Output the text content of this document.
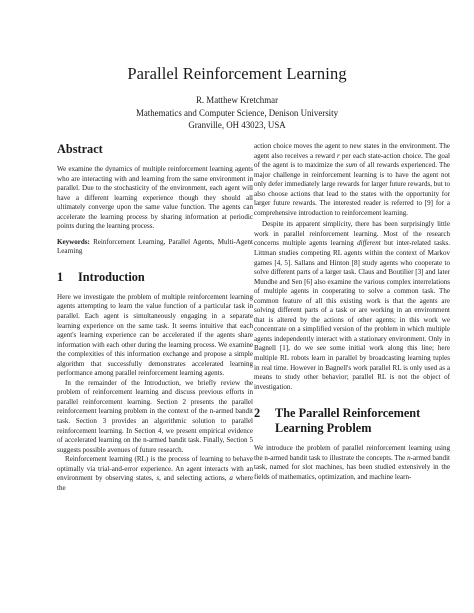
Parallel Reinforcement Learning
R. Matthew Kretchmar
Mathematics and Computer Science, Denison University
Granville, OH 43023, USA
Abstract

We examine the dynamics of multiple reinforcement learning agents who are interacting with and learning from the same environment in parallel. Due to the stochasticity of the environment, each agent will have a different learning experience though they should all ultimately converge upon the same value function. The agents can accelerate the learning process by sharing information at periodic points during the learning process.

Keywords: Reinforcement Learning, Parallel Agents, Multi-Agent Learning

1 Introduction

Here we investigate the problem of multiple reinforcement learning agents attempting to learn the value function of a particular task in parallel. Each agent is simultaneously engaging in a separate learning experience on the same task. It seems intuitive that each agent's learning experience can be accelerated if the agents share information with each other during the learning process. We examine the complexities of this information exchange and propose a simple algorithm that successfully demonstrates accelerated learning performance among parallel reinforcement learning agents.

In the remainder of the Introduction, we briefly review the problem of reinforcement learning and discuss previous efforts in parallel reinforcement learning. Section 2 presents the parallel reinforcement learning problem in the context of the n-armed bandit task. Section 3 provides an algorithmic solution to parallel reinforcement learning. In Section 4, we present empirical evidence of accelerated learning on the n-armed bandit task. Finally, Section 5 suggests possible avenues of future research.

Reinforcement learning (RL) is the process of learning to behave optimally via trial-and-error experience. An agent interacts with an environment by observing states, s, and selecting actions, a where the

action choice moves the agent to new states in the environment. The agent also receives a reward r per each state-action choice. The goal of the agent is to maximize the sum of all rewards experienced. The major challenge in reinforcement learning is to have the agent not only defer immediately large rewards for larger future rewards, but to also choose actions that lead to the states with the opportunity for larger future rewards. The interested reader is referred to [9] for a comprehensive introduction to reinforcement learning.

Despite its apparent simplicity, there has been surprisingly little work in parallel reinforcement learning. Most of the research concerns multiple agents learning different but inter-related tasks. Littman studies competing RL agents within the context of Markov games [4, 5]. Sallans and Hinton [8] study agents who cooperate to solve different parts of a larger task. Claus and Boutilier [3] and later Mundhe and Sen [6] also examine the various complex interrelations of multiple agents in cooperating to solve a common task. The common feature of all this existing work is that the agents are solving different parts of a task or are working in an environment that is altered by the actions of other agents; in this work we concentrate on a simplified version of the problem in which multiple agents independently interact with a stationary environment. Only in Bagnell [1], do we see some initial work along this line; here multiple RL robots learn in parallel by broadcasting learning tuples in real time. However in Bagnell's work parallel RL is only used as a means to study other behavior; parallel RL is not the object of investigation.

2	The Parallel Reinforcement Learning Problem

We introduce the problem of parallel reinforcement learning using the n-armed bandit task to illustrate the concepts. The n-armed bandit task, named for slot machines, has been studied extensively in the fields of mathematics, optimization, and machine learn-
